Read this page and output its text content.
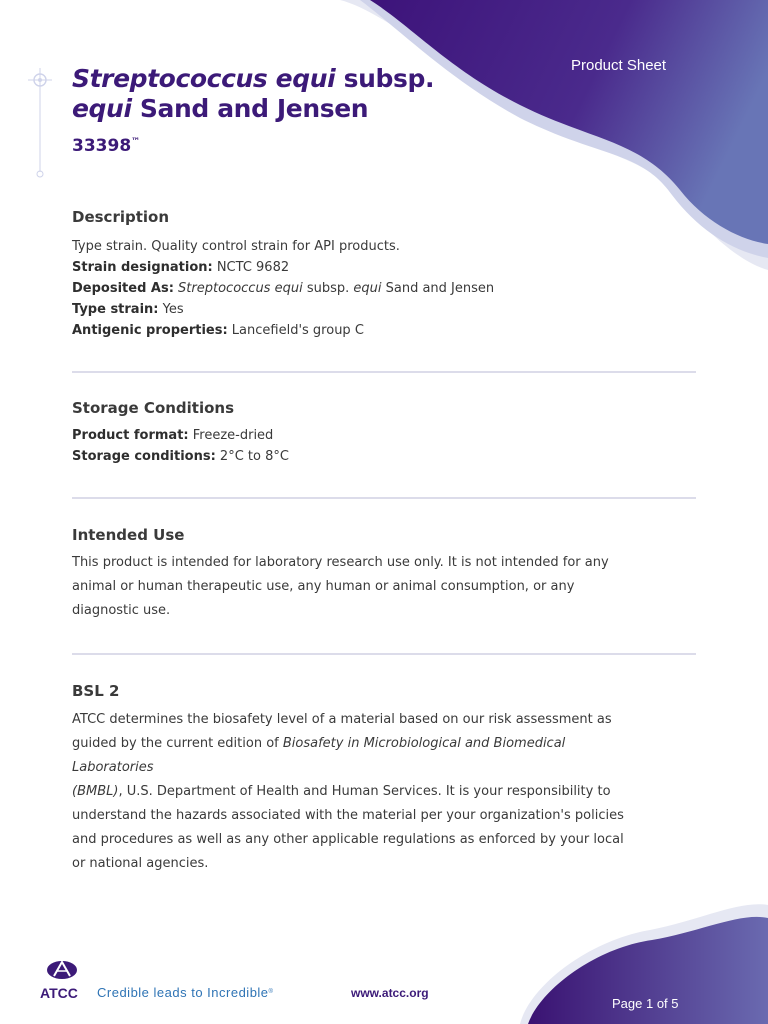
Product Sheet

Streptococcus equi subsp.
equi Sand and Jensen

33398™

Description

Type strain. Quality control strain for API products.

Strain designation: NCTC 9682

Deposited As: Streptococcus equi subsp. equi Sand and Jensen

Type strain: Yes

Antigenic properties: Lancefield's group C

Storage Conditions

Product format: Freeze-dried

Storage conditions: 2°C to 8°C

Intended Use

This product is intended for laboratory research use only. It is not intended for any

animal or human therapeutic use, any human or animal consumption, or any

diagnostic use.

BSL 2

ATCC determines the biosafety level of a material based on our risk assessment as

guided by the current edition of Biosafety in Microbiological and Biomedical Laboratories

(BMBL), U.S. Department of Health and Human Services. It is your responsibility to

understand the hazards associated with the material per your organization's policies

and procedures as well as any other applicable regulations as enforced by your local

or national agencies.

ATCC Credible leads to Incredible®	www.atcc.org

Page 1 of 5
